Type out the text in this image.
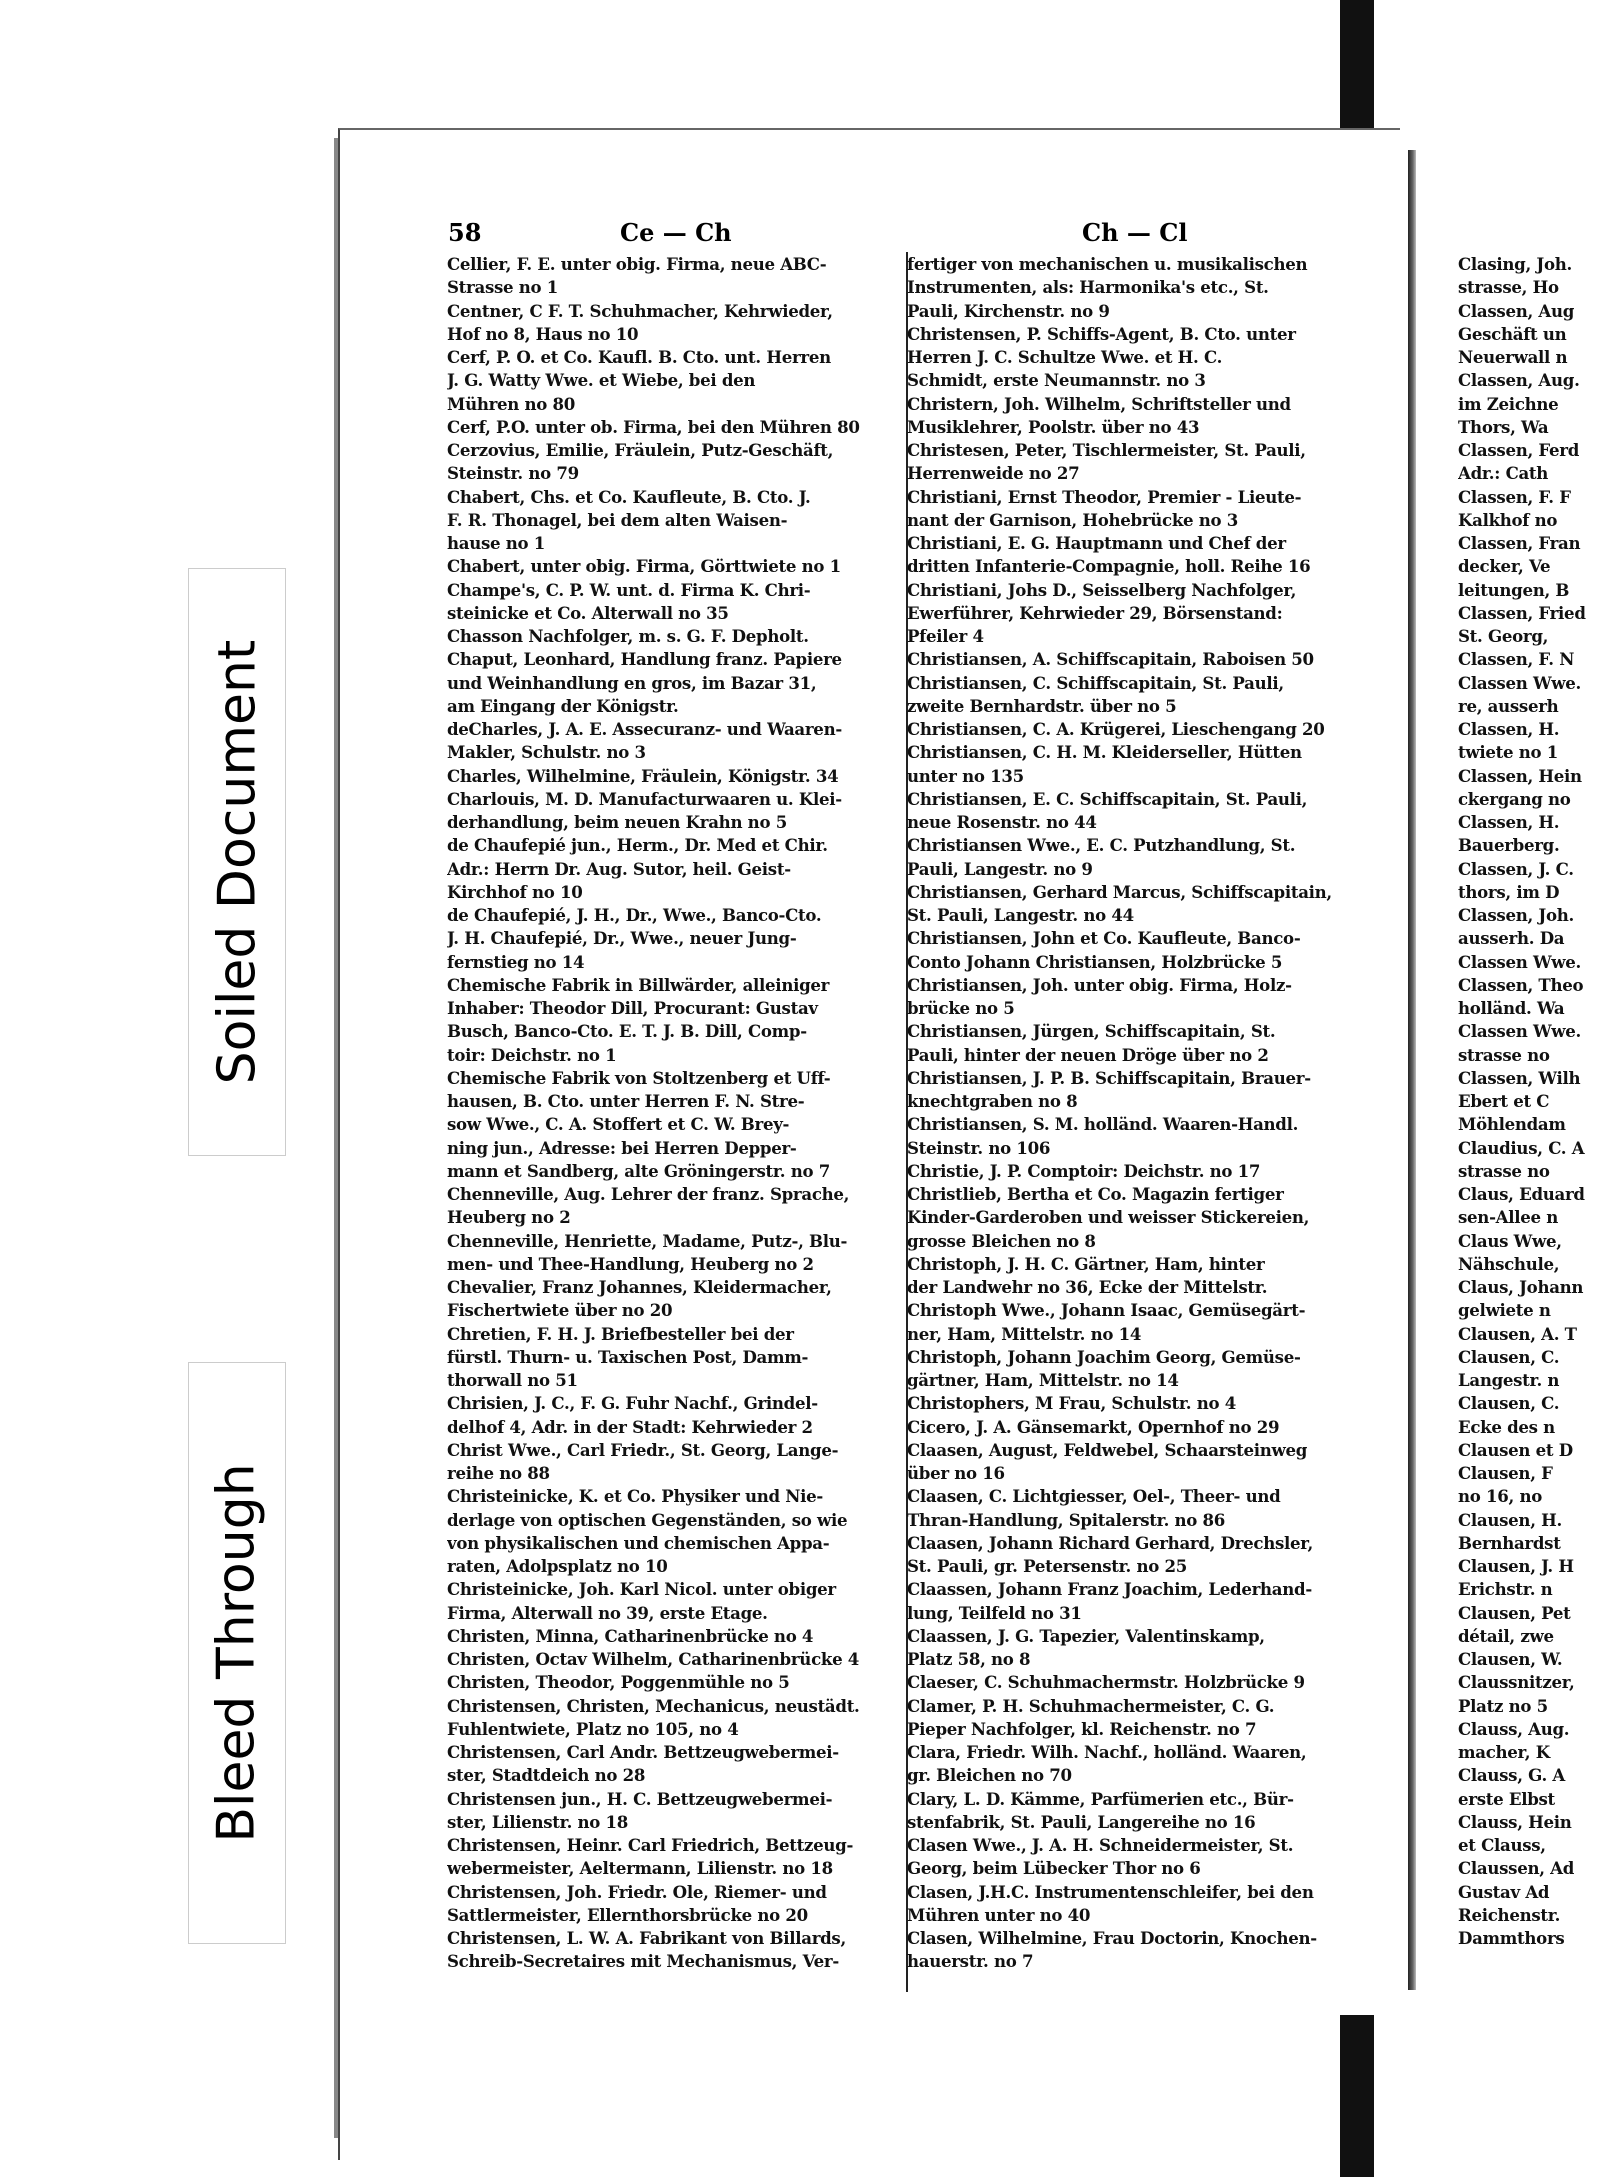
Soiled Document
Bleed Through
58	Ce — Ch	Ch — Cl
Cellier, F. E. unter obig. Firma, neue ABC-
Strasse no 1
Centner, C F. T. Schuhmacher, Kehrwieder,
Hof no 8, Haus no 10
Cerf, P. O. et Co. Kaufl. B. Cto. unt. Herren
J. G. Watty Wwe. et Wiebe, bei den
Mühren no 80
Cerf, P.O. unter ob. Firma, bei den Mühren 80
Cerzovius, Emilie, Fräulein, Putz-Geschäft,
Steinstr. no 79
Chabert, Chs. et Co. Kaufleute, B. Cto. J.
F. R. Thonagel, bei dem alten Waisen-
hause no 1
Chabert, unter obig. Firma, Görttwiete no 1
Champe's, C. P. W. unt. d. Firma K. Chri-
steinicke et Co. Alterwall no 35
Chasson Nachfolger, m. s. G. F. Depholt.
Chaput, Leonhard, Handlung franz. Papiere
und Weinhandlung en gros, im Bazar 31,
am Eingang der Königstr.
deCharles, J. A. E. Assecuranz- und Waaren-
Makler, Schulstr. no 3
Charles, Wilhelmine, Fräulein, Königstr. 34
Charlouis, M. D. Manufacturwaaren u. Klei-
derhandlung, beim neuen Krahn no 5
de Chaufepié jun., Herm., Dr. Med et Chir.
Adr.: Herrn Dr. Aug. Sutor, heil. Geist-
Kirchhof no 10
de Chaufepié, J. H., Dr., Wwe., Banco-Cto.
J. H. Chaufepié, Dr., Wwe., neuer Jung-
fernstieg no 14
Chemische Fabrik in Billwärder, alleiniger
Inhaber: Theodor Dill, Procurant: Gustav
Busch, Banco-Cto. E. T. J. B. Dill, Comp-
toir: Deichstr. no 1
Chemische Fabrik von Stoltzenberg et Uff-
hausen, B. Cto. unter Herren F. N. Stre-
sow Wwe., C. A. Stoffert et C. W. Brey-
ning jun., Adresse: bei Herren Depper-
mann et Sandberg, alte Gröningerstr. no 7
Chenneville, Aug. Lehrer der franz. Sprache,
Heuberg no 2
Chenneville, Henriette, Madame, Putz-, Blu-
men- und Thee-Handlung, Heuberg no 2
Chevalier, Franz Johannes, Kleidermacher,
Fischertwiete über no 20
Chretien, F. H. J. Briefbesteller bei der
fürstl. Thurn- u. Taxischen Post, Damm-
thorwall no 51
Chrisien, J. C., F. G. Fuhr Nachf., Grindel-
delhof 4, Adr. in der Stadt: Kehrwieder 2
Christ Wwe., Carl Friedr., St. Georg, Lange-
reihe no 88
Christeinicke, K. et Co. Physiker und Nie-
derlage von optischen Gegenständen, so wie
von physikalischen und chemischen Appa-
raten, Adolpsplatz no 10
Christeinicke, Joh. Karl Nicol. unter obiger
Firma, Alterwall no 39, erste Etage.
Christen, Minna, Catharinenbrücke no 4
Christen, Octav Wilhelm, Catharinenbrücke 4
Christen, Theodor, Poggenmühle no 5
Christensen, Christen, Mechanicus, neustädt.
Fuhlentwiete, Platz no 105, no 4
Christensen, Carl Andr. Bettzeugwebermei-
ster, Stadtdeich no 28
Christensen jun., H. C. Bettzeugwebermei-
ster, Lilienstr. no 18
Christensen, Heinr. Carl Friedrich, Bettzeug-
webermeister, Aeltermann, Lilienstr. no 18
Christensen, Joh. Friedr. Ole, Riemer- und
Sattlermeister, Ellernthorsbrücke no 20
Christensen, L. W. A. Fabrikant von Billards,
Schreib-Secretaires mit Mechanismus, Ver-
fertiger von mechanischen u. musikalischen
Instrumenten, als: Harmonika's etc., St.
Pauli, Kirchenstr. no 9
Christensen, P. Schiffs-Agent, B. Cto. unter
Herren J. C. Schultze Wwe. et H. C.
Schmidt, erste Neumannstr. no 3
Christern, Joh. Wilhelm, Schriftsteller und
Musiklehrer, Poolstr. über no 43
Christesen, Peter, Tischlermeister, St. Pauli,
Herrenweide no 27
Christiani, Ernst Theodor, Premier - Lieute-
nant der Garnison, Hohebrücke no 3
Christiani, E. G. Hauptmann und Chef der
dritten Infanterie-Compagnie, holl. Reihe 16
Christiani, Johs D., Seisselberg Nachfolger,
Ewerführer, Kehrwieder 29, Börsenstand:
Pfeiler 4
Christiansen, A. Schiffscapitain, Raboisen 50
Christiansen, C. Schiffscapitain, St. Pauli,
zweite Bernhardstr. über no 5
Christiansen, C. A. Krügerei, Lieschengang 20
Christiansen, C. H. M. Kleiderseller, Hütten
unter no 135
Christiansen, E. C. Schiffscapitain, St. Pauli,
neue Rosenstr. no 44
Christiansen Wwe., E. C. Putzhandlung, St.
Pauli, Langestr. no 9
Christiansen, Gerhard Marcus, Schiffscapitain,
St. Pauli, Langestr. no 44
Christiansen, John et Co. Kaufleute, Banco-
Conto Johann Christiansen, Holzbrücke 5
Christiansen, Joh. unter obig. Firma, Holz-
brücke no 5
Christiansen, Jürgen, Schiffscapitain, St.
Pauli, hinter der neuen Dröge über no 2
Christiansen, J. P. B. Schiffscapitain, Brauer-
knechtgraben no 8
Christiansen, S. M. holländ. Waaren-Handl.
Steinstr. no 106
Christie, J. P. Comptoir: Deichstr. no 17
Christlieb, Bertha et Co. Magazin fertiger
Kinder-Garderoben und weisser Stickereien,
grosse Bleichen no 8
Christoph, J. H. C. Gärtner, Ham, hinter
der Landwehr no 36, Ecke der Mittelstr.
Christoph Wwe., Johann Isaac, Gemüsegärt-
ner, Ham, Mittelstr. no 14
Christoph, Johann Joachim Georg, Gemüse-
gärtner, Ham, Mittelstr. no 14
Christophers, M Frau, Schulstr. no 4
Cicero, J. A. Gänsemarkt, Opernhof no 29
Claasen, August, Feldwebel, Schaarsteinweg
über no 16
Claasen, C. Lichtgiesser, Oel-, Theer- und
Thran-Handlung, Spitalerstr. no 86
Claasen, Johann Richard Gerhard, Drechsler,
St. Pauli, gr. Petersenstr. no 25
Claassen, Johann Franz Joachim, Lederhand-
lung, Teilfeld no 31
Claassen, J. G. Tapezier, Valentinskamp,
Platz 58, no 8
Claeser, C. Schuhmachermstr. Holzbrücke 9
Clamer, P. H. Schuhmachermeister, C. G.
Pieper Nachfolger, kl. Reichenstr. no 7
Clara, Friedr. Wilh. Nachf., holländ. Waaren,
gr. Bleichen no 70
Clary, L. D. Kämme, Parfümerien etc., Bür-
stenfabrik, St. Pauli, Langereihe no 16
Clasen Wwe., J. A. H. Schneidermeister, St.
Georg, beim Lübecker Thor no 6
Clasen, J.H.C. Instrumentenschleifer, bei den
Mühren unter no 40
Clasen, Wilhelmine, Frau Doctorin, Knochen-
hauerstr. no 7
Clasing, Joh.
strasse, Ho
Classen, Aug
Geschäft un
Neuerwall n
Classen, Aug.
im Zeichne
Thors, Wa
Classen, Ferd
Adr.: Cath
Classen, F. F
Kalkhof no
Classen, Fran
decker, Ve
leitungen, B
Classen, Fried
St. Georg,
Classen, F. N
Classen Wwe.
re, ausserh
Classen, H.
twiete no 1
Classen, Hein
ckergang no
Classen, H.
Bauerberg.
Classen, J. C.
thors, im D
Classen, Joh.
ausserh. Da
Classen Wwe.
Classen, Theo
holländ. Wa
Classen Wwe.
strasse no
Classen, Wilh
Ebert et C
Möhlendam
Claudius, C. A
strasse no
Claus, Eduard
sen-Allee n
Claus Wwe,
Nähschule,
Claus, Johann
gelwiete n
Clausen, A. T
Clausen, C.
Langestr. n
Clausen, C.
Ecke des n
Clausen et D
Clausen, F
no 16, no
Clausen, H.
Bernhardst
Clausen, J. H
Erichstr. n
Clausen, Pet
détail, zwe
Clausen, W.
Claussnitzer,
Platz no 5
Clauss, Aug.
macher, K
Clauss, G. A
erste Elbst
Clauss, Hein
et Clauss,
Claussen, Ad
Gustav Ad
Reichenstr.
Dammthors
